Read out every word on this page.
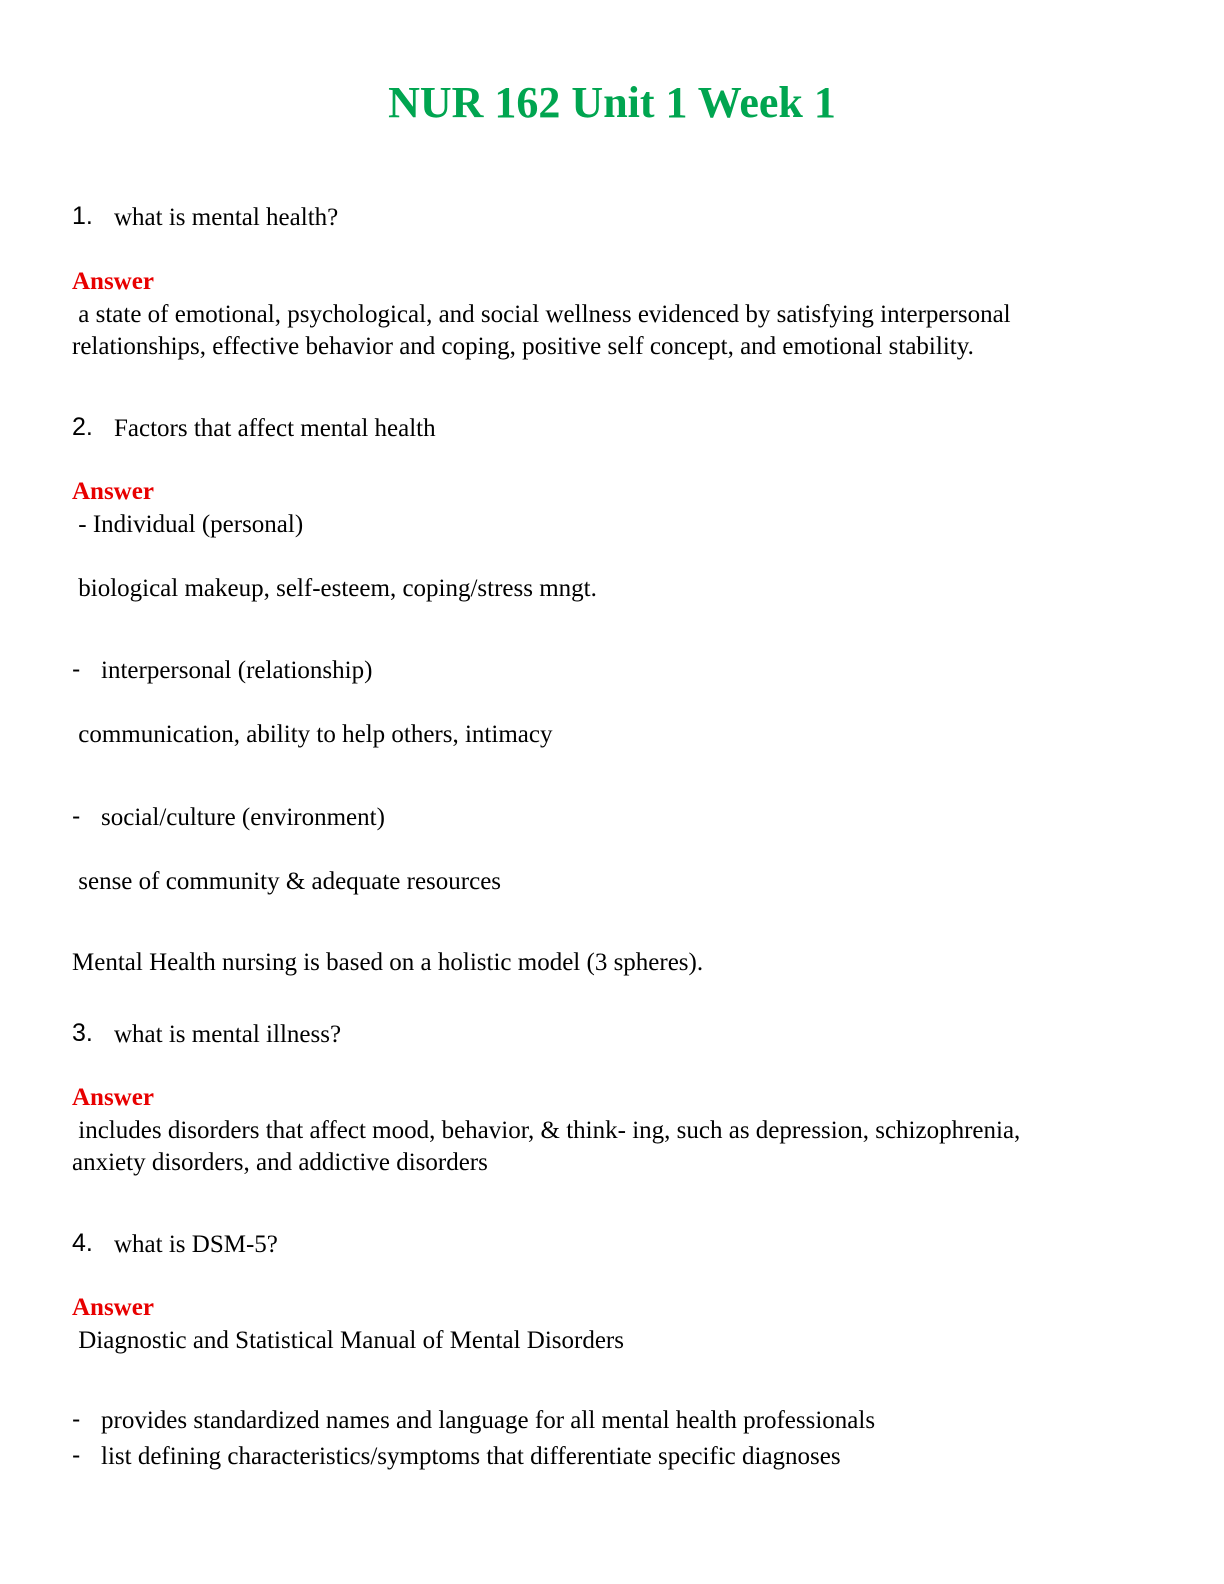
NUR 162 Unit 1 Week 1
1. what is mental health?
Answer
a state of emotional, psychological, and social wellness evidenced by satisfying interpersonal
relationships, effective behavior and coping, positive self concept, and emotional stability.
2. Factors that affect mental health
Answer
- Individual (personal)
biological makeup, self-esteem, coping/stress mngt.
- interpersonal (relationship)
communication, ability to help others, intimacy
- social/culture (environment)
sense of community & adequate resources
Mental Health nursing is based on a holistic model (3 spheres).
3. what is mental illness?
Answer
includes disorders that affect mood, behavior, & think- ing, such as depression, schizophrenia,
anxiety disorders, and addictive disorders
4. what is DSM-5?
Answer
Diagnostic and Statistical Manual of Mental Disorders
- provides standardized names and language for all mental health professionals
- list defining characteristics/symptoms that differentiate specific diagnoses
